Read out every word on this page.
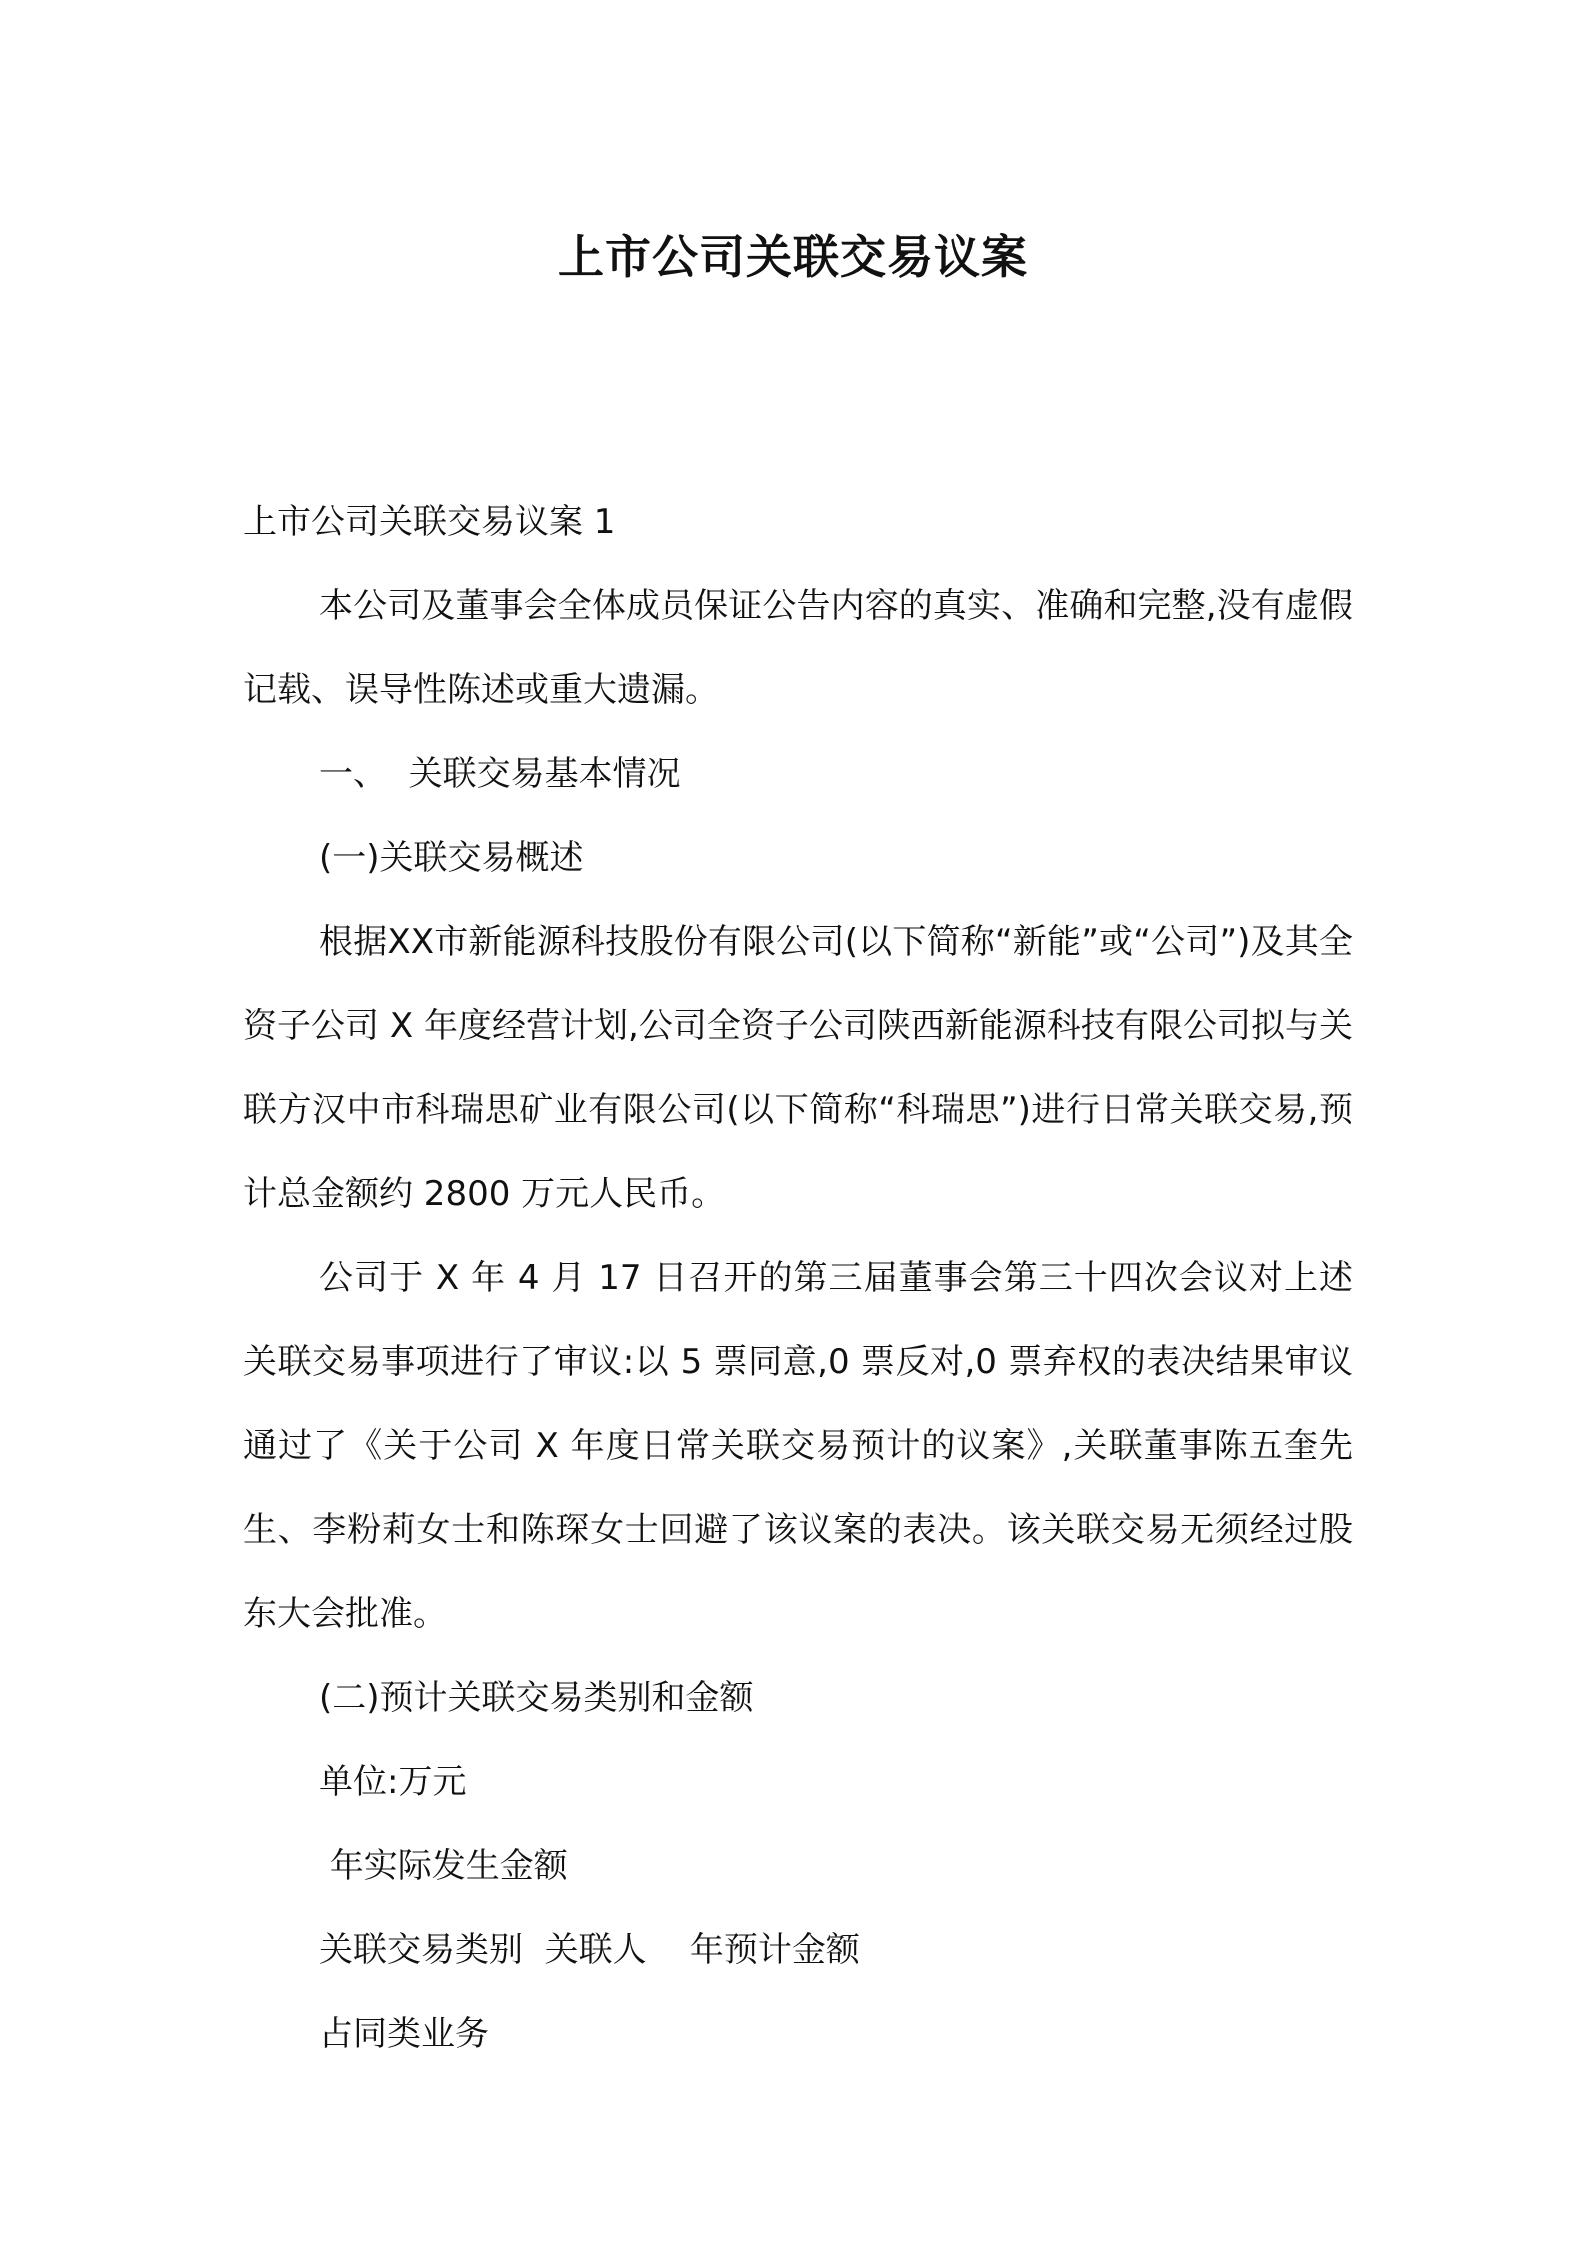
上市公司关联交易议案

上市公司关联交易议案 1

本公司及董事会全体成员保证公告内容的真实、准确和完整,没有虚假记载、误导性陈述或重大遗漏。

一、  关联交易基本情况

(一)关联交易概述

根据XX市新能源科技股份有限公司(以下简称“新能”或“公司”)及其全资子公司 X 年度经营计划,公司全资子公司陕西新能源科技有限公司拟与关联方汉中市科瑞思矿业有限公司(以下简称“科瑞思”)进行日常关联交易,预计总金额约 2800 万元人民币。

公司于 X 年 4 月 17 日召开的第三届董事会第三十四次会议对上述关联交易事项进行了审议:以 5 票同意,0 票反对,0 票弃权的表决结果审议通过了《关于公司 X 年度日常关联交易预计的议案》,关联董事陈五奎先生、李粉莉女士和陈琛女士回避了该议案的表决。该关联交易无须经过股东大会批准。

(二)预计关联交易类别和金额

单位:万元

年实际发生金额

关联交易类别  关联人    年预计金额

占同类业务
